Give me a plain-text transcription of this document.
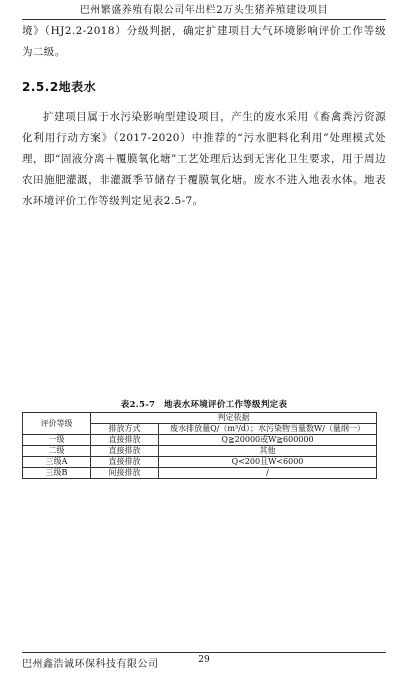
巴州繁盛养殖有限公司年出栏2万头生猪养殖建设项目
境》（HJ2.2-2018）分级判据，确定扩建项目大气环境影响评价工作等级为二级。
2.5.2地表水
扩建项目属于水污染影响型建设项目，产生的废水采用《畜禽粪污资源化利用行动方案》（2017-2020）中推荐的“污水肥料化利用”处理模式处理，即“固液分离＋覆膜氧化塘”工艺处理后达到无害化卫生要求，用于周边农田施肥灌溉，非灌溉季节储存于覆膜氧化塘。废水不进入地表水体。地表水环境评价工作等级判定见表2.5-7。
表2.5-7　地表水环境评价工作等级判定表
评价等级	判定依据	
	排放方式	废水排放量Q/（m³/d）；水污染物当量数W/（量纲一）
一级	直接排放	Q≧20000或W≧600000
二级	直接排放	其他
三级A	直接排放	Q<200且W<6000
三级B	间接排放	/
巴州鑫浩诚环保科技有限公司	29
